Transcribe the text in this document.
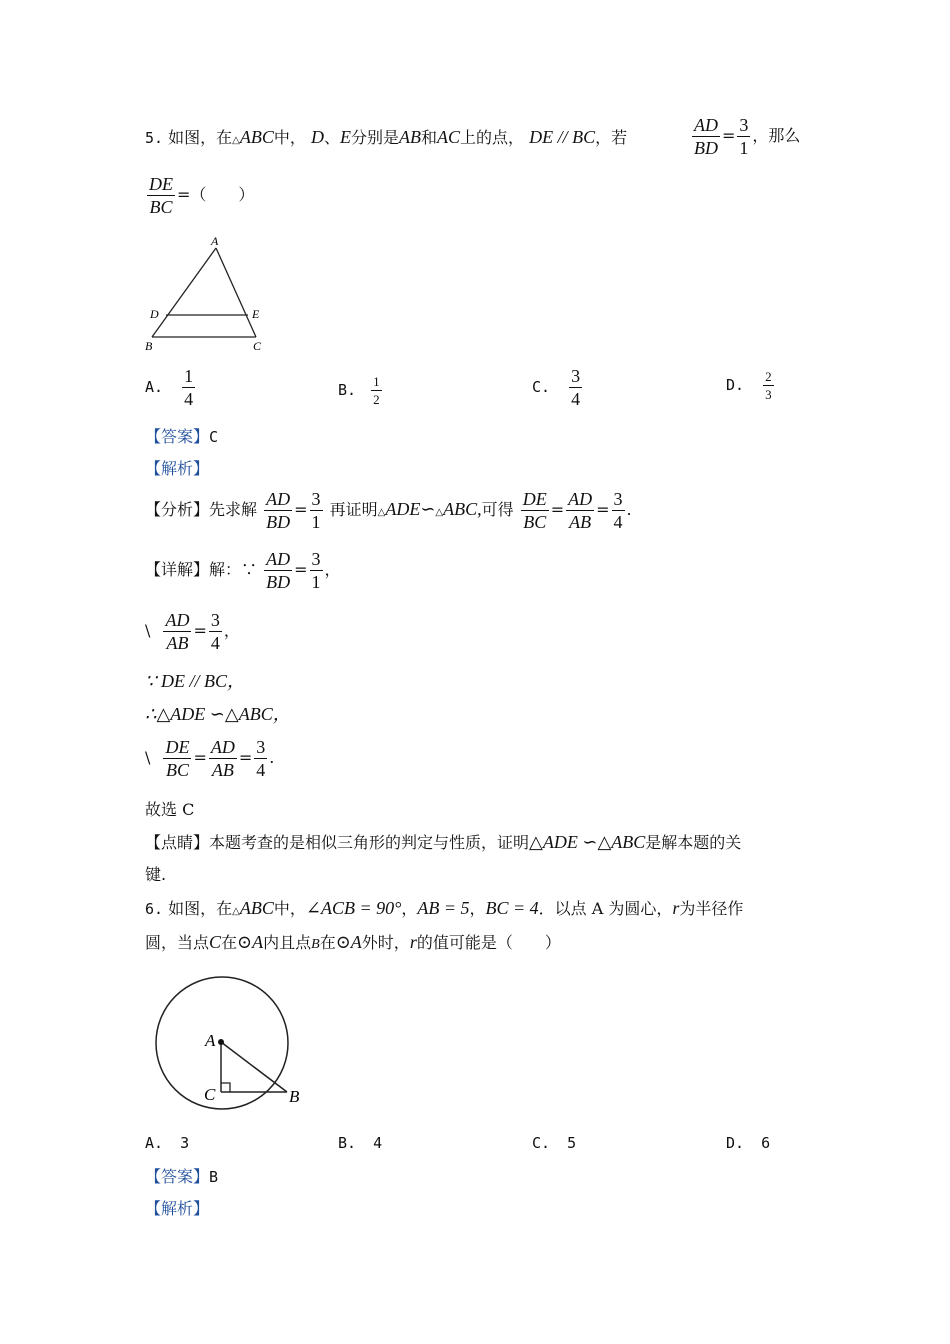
5. 如图，在△ABC中， D、E分别是AB和AC上的点， DE // BC，若	$\frac{AD}{BD} = \frac{3}{1}$ ，那么
$\frac{DE}{BC}$ =（　　）
A
D	E
B	C
A. $\frac{1}{4}$	B. $\frac{1}{2}$	C. $\frac{3}{4}$	D. $\frac{2}{3}$
【答案】C
【解析】
【分析】先求解 $\frac{AD}{BD} = \frac{3}{1}$ 再证明△ADE∽△ABC,可得 $\frac{DE}{BC} = \frac{AD}{AB} = \frac{3}{4}$ .
【详解】解：∵ $\frac{AD}{BD} = \frac{3}{1}$ ，
\ $\frac{AD}{AB} = \frac{3}{4}$ ，
∵ DE // BC，
∴△ADE ∽△ABC，
\ $\frac{DE}{BC} = \frac{AD}{AB} = \frac{3}{4}$ .
故选 C
【点睛】本题考查的是相似三角形的判定与性质，证明△ADE ∽△ABC是解本题的关
键.
6. 如图，在△ABC中，∠ACB = 90°，AB = 5，BC = 4．以点 A 为圆心，r为半径作
圆，当点C在⊙A内且点B在⊙A外时，r的值可能是（　　）
A
C	B
A. 3	B. 4	C. 5	D. 6
【答案】B
【解析】
